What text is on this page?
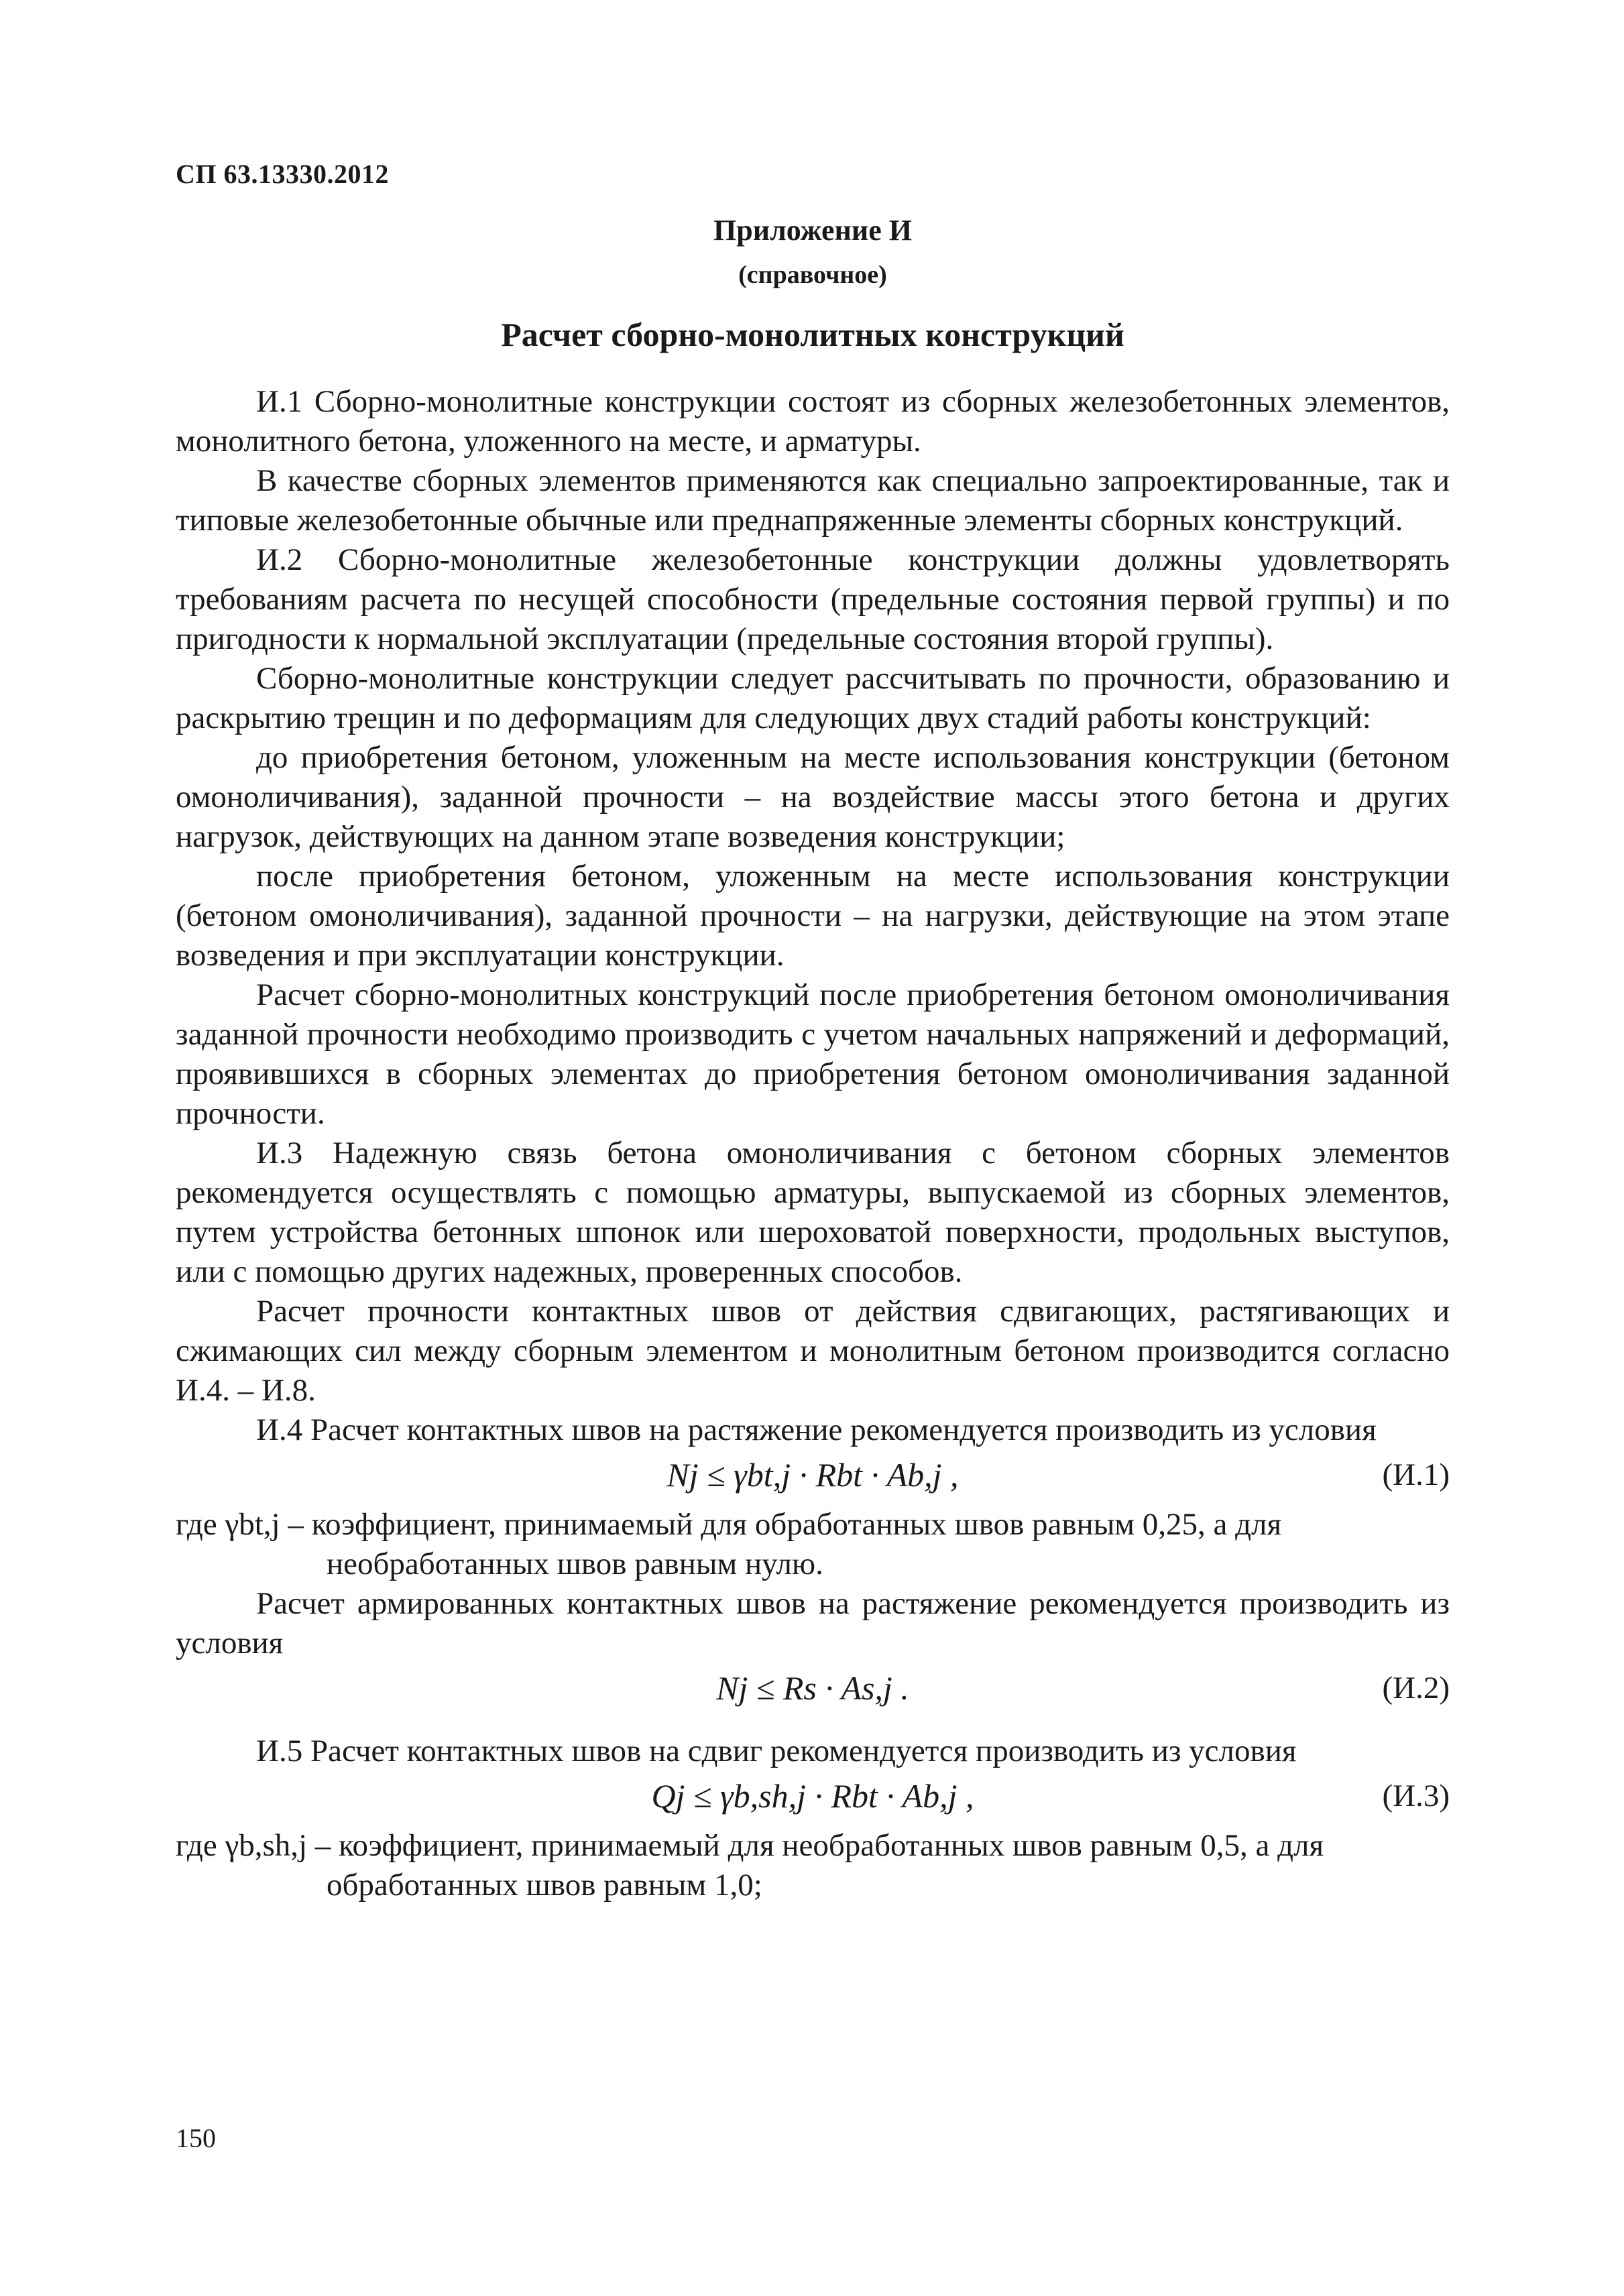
СП 63.13330.2012
Приложение И
(справочное)
Расчет сборно-монолитных конструкций

И.1 Сборно-монолитные конструкции состоят из сборных железобетонных элементов, монолитного бетона, уложенного на месте, и арматуры.

В качестве сборных элементов применяются как специально запроектированные, так и типовые железобетонные обычные или преднапряженные элементы сборных конструкций.

И.2 Сборно-монолитные железобетонные конструкции должны удовлетворять требованиям расчета по несущей способности (предельные состояния первой группы) и по пригодности к нормальной эксплуатации (предельные состояния второй группы).

Сборно-монолитные конструкции следует рассчитывать по прочности, образованию и раскрытию трещин и по деформациям для следующих двух стадий работы конструкций:

до приобретения бетоном, уложенным на месте использования конструкции (бетоном омоноличивания), заданной прочности – на воздействие массы этого бетона и других нагрузок, действующих на данном этапе возведения конструкции;

после приобретения бетоном, уложенным на месте использования конструкции (бетоном омоноличивания), заданной прочности – на нагрузки, действующие на этом этапе возведения и при эксплуатации конструкции.

Расчет сборно-монолитных конструкций после приобретения бетоном омоноличивания заданной прочности необходимо производить с учетом начальных напряжений и деформаций, проявившихся в сборных элементах до приобретения бетоном омоноличивания заданной прочности.

И.3 Надежную связь бетона омоноличивания с бетоном сборных элементов рекомендуется осуществлять с помощью арматуры, выпускаемой из сборных элементов, путем устройства бетонных шпонок или шероховатой поверхности, продольных выступов, или с помощью других надежных, проверенных способов.

Расчет прочности контактных швов от действия сдвигающих, растягивающих и сжимающих сил между сборным элементом и монолитным бетоном производится согласно И.4. – И.8.

И.4 Расчет контактных швов на растяжение рекомендуется производить из условия

Nj ≤ γbt,j · Rbt · Ab,j ,	(И.1)

где γbt,j – коэффициент, принимаемый для обработанных швов равным 0,25, а для

необработанных швов равным нулю.

Расчет армированных контактных швов на растяжение рекомендуется производить из условия

Nj ≤ Rs · As,j .	(И.2)

И.5 Расчет контактных швов на сдвиг рекомендуется производить из условия

Qj ≤ γb,sh,j · Rbt · Ab,j ,	(И.3)

где γb,sh,j – коэффициент, принимаемый для необработанных швов равным 0,5, а для

обработанных швов равным 1,0;

150
